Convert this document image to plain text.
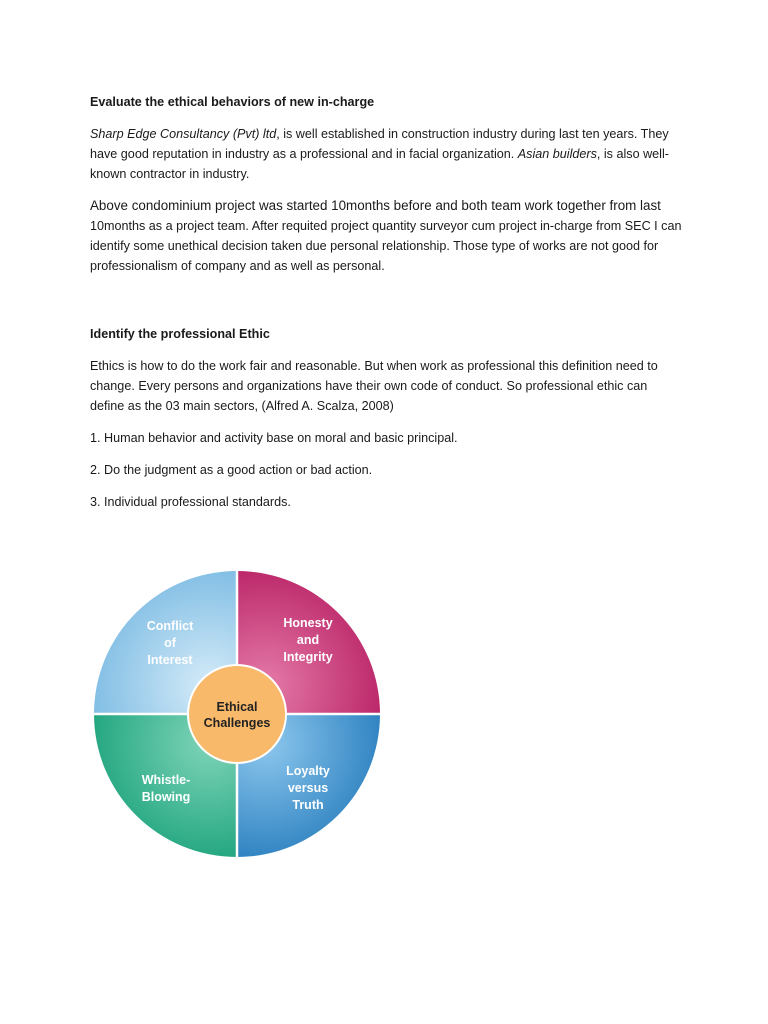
Evaluate the ethical behaviors of new in-charge

Sharp Edge Consultancy (Pvt) ltd, is well established in construction industry during last ten years. They have good reputation in industry as a professional and in facial organization. Asian builders, is also well-known contractor in industry.

Above condominium project was started 10months before and both team work together from last 10months as a project team. After requited project quantity surveyor cum project in-charge from SEC I can identify some unethical decision taken due personal relationship. Those type of works are not good for professionalism of company and as well as personal.

Identify the professional Ethic

Ethics is how to do the work fair and reasonable. But when work as professional this definition need to change. Every persons and organizations have their own code of conduct. So professional ethic can define as the 03 main sectors, (Alfred A. Scalza, 2008)

1. Human behavior and activity base on moral and basic principal.

2. Do the judgment as a good action or bad action.

3. Individual professional standards.

Ethical
Challenges
Conflict
of
Interest
Honesty
and
Integrity
Whistle-
Blowing
Loyalty
versus
Truth
